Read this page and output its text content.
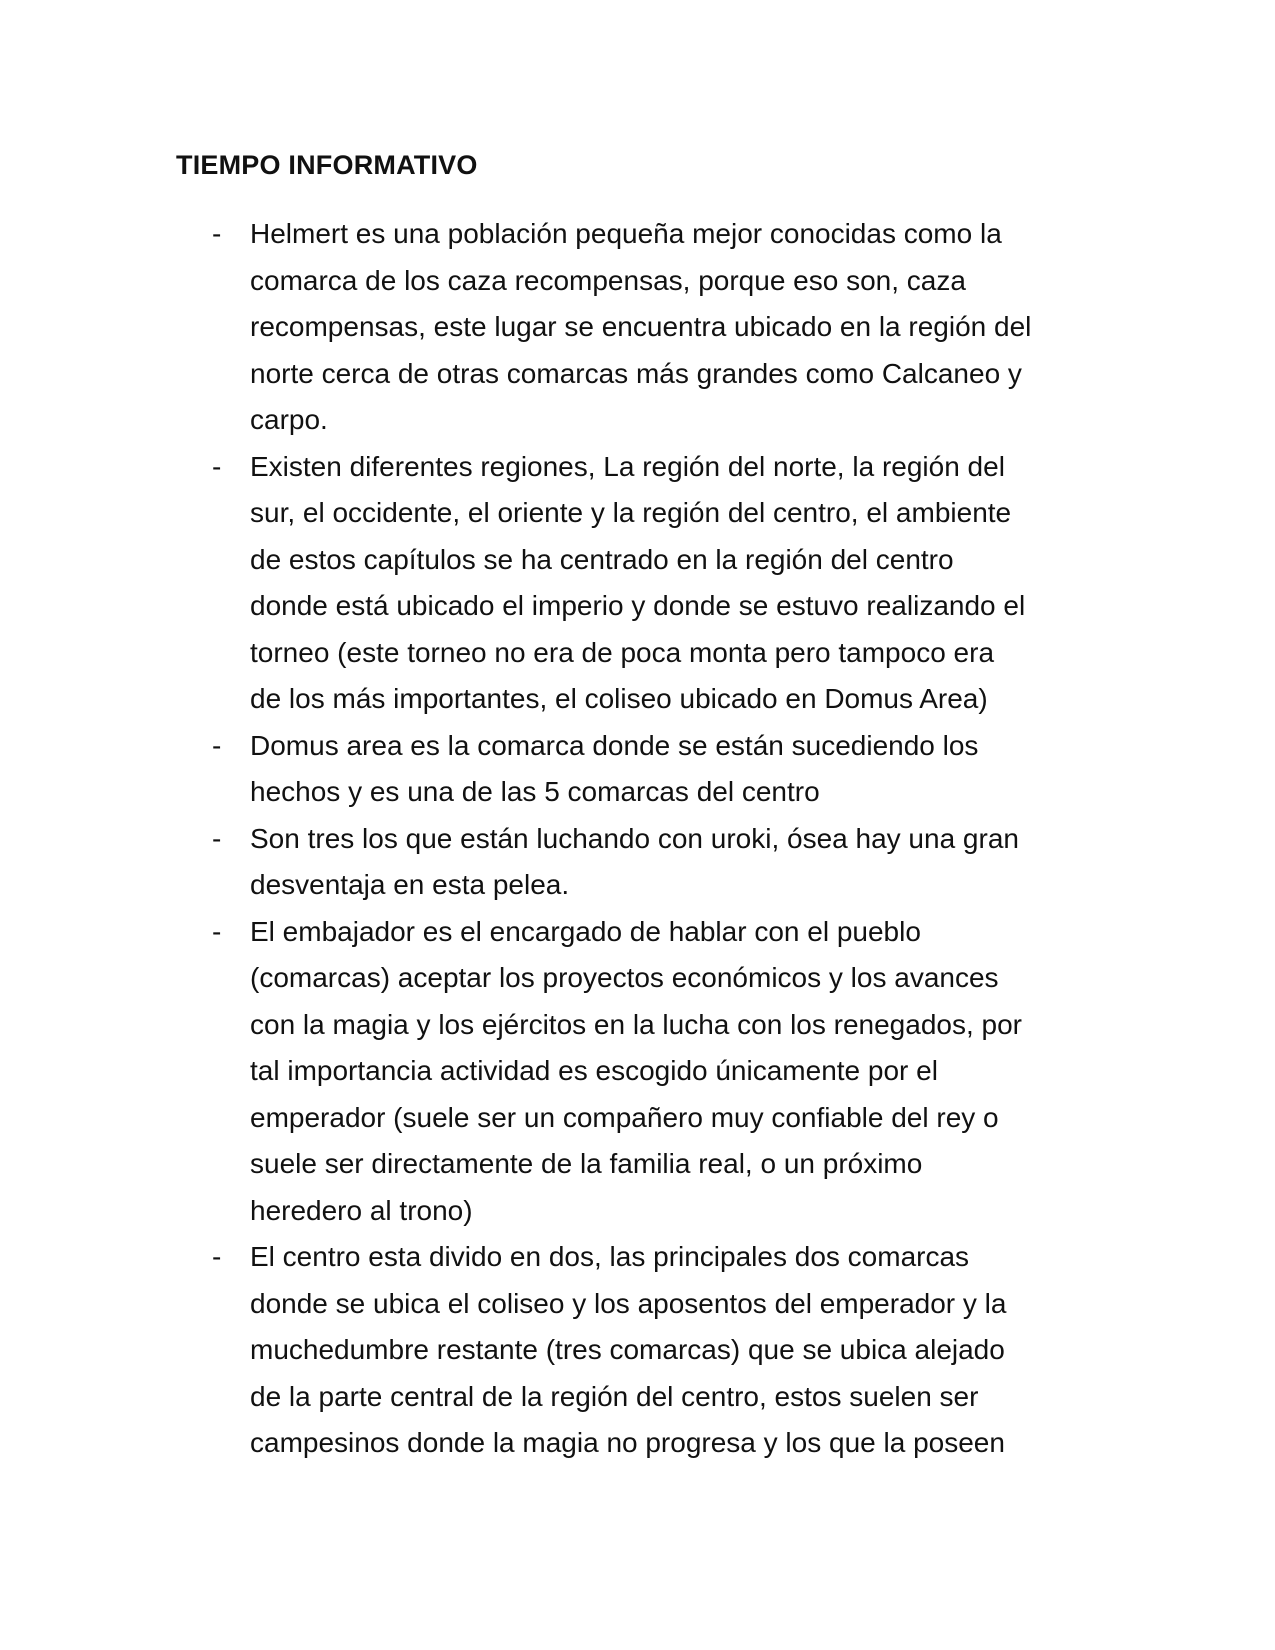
TIEMPO INFORMATIVO
-	Helmert es una población pequeña mejor conocidas como la
comarca de los caza recompensas, porque eso son, caza
recompensas, este lugar se encuentra ubicado en la región del
norte cerca de otras comarcas más grandes como Calcaneo y
carpo.

-	Existen diferentes regiones, La región del norte, la región del
sur, el occidente, el oriente y la región del centro, el ambiente
de estos capítulos se ha centrado en la región del centro
donde está ubicado el imperio y donde se estuvo realizando el
torneo (este torneo no era de poca monta pero tampoco era
de los más importantes, el coliseo ubicado en Domus Area)

-	Domus area es la comarca donde se están sucediendo los
hechos y es una de las 5 comarcas del centro

-	Son tres los que están luchando con uroki, ósea hay una gran
desventaja en esta pelea.

-	El embajador es el encargado de hablar con el pueblo
(comarcas) aceptar los proyectos económicos y los avances
con la magia y los ejércitos en la lucha con los renegados, por
tal importancia actividad es escogido únicamente por el
emperador (suele ser un compañero muy confiable del rey o
suele ser directamente de la familia real, o un próximo
heredero al trono)

-	El centro esta divido en dos, las principales dos comarcas
donde se ubica el coliseo y los aposentos del emperador y la
muchedumbre restante (tres comarcas) que se ubica alejado
de la parte central de la región del centro, estos suelen ser
campesinos donde la magia no progresa y los que la poseen
